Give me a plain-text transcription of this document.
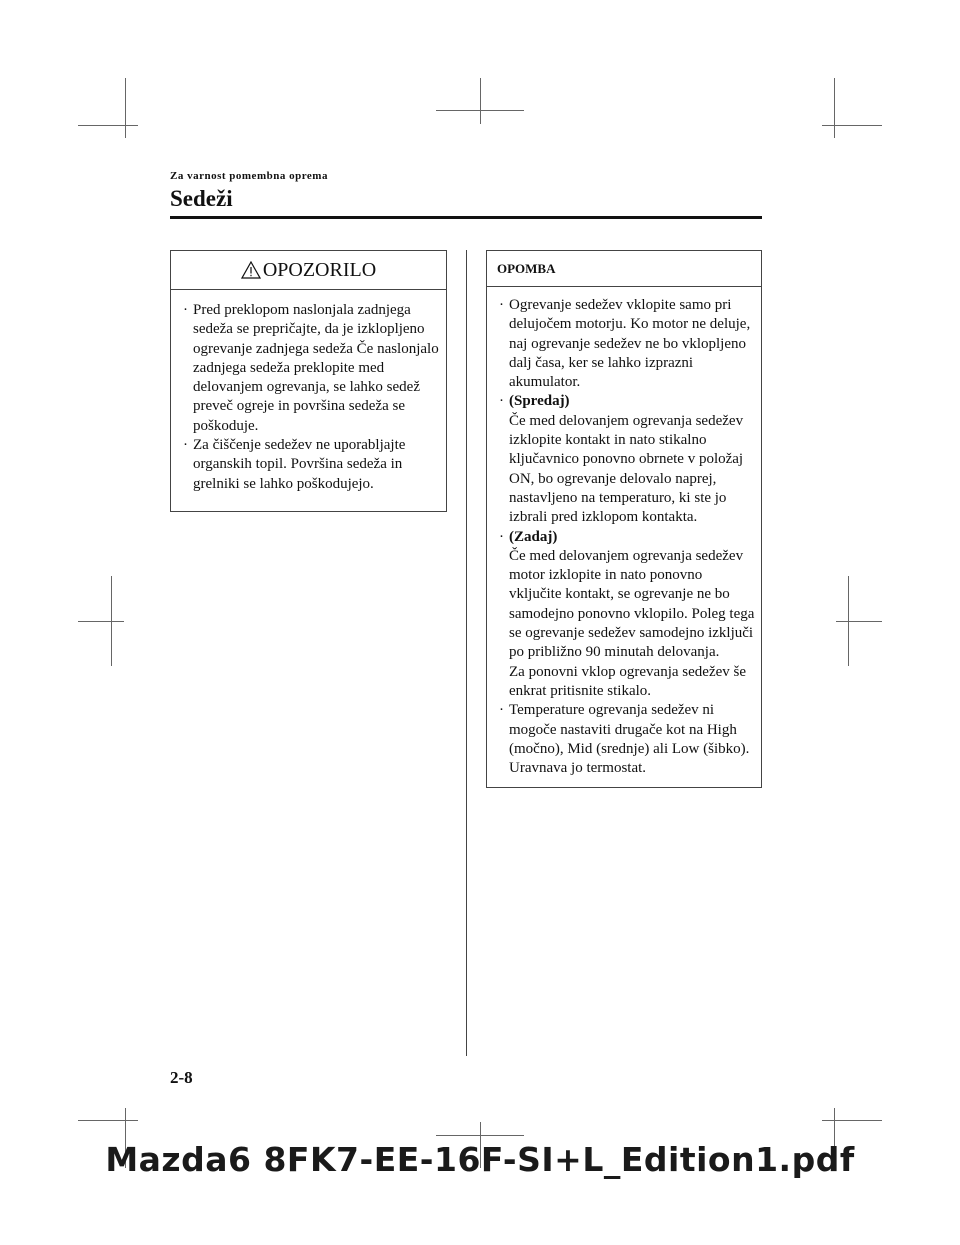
Za varnost pomembna oprema
Sedeži
OPOZORILO
· Pred preklopom naslonjala zadnjega sedeža se prepričajte, da je izklopljeno ogrevanje zadnjega sedeža Če naslonjalo zadnjega sedeža preklopite med delovanjem ogrevanja, se lahko sedež preveč ogreje in površina sedeža se poškoduje.
· Za čiščenje sedežev ne uporabljajte organskih topil. Površina sedeža in grelniki se lahko poškodujejo.
OPOMBA
· Ogrevanje sedežev vklopite samo pri delujočem motorju. Ko motor ne deluje, naj ogrevanje sedežev ne bo vklopljeno dalj časa, ker se lahko izprazni akumulator.
· (Spredaj)
Če med delovanjem ogrevanja sedežev izklopite kontakt in nato stikalno ključavnico ponovno obrnete v položaj ON, bo ogrevanje delovalo naprej, nastavljeno na temperaturo, ki ste jo izbrali pred izklopom kontakta.
· (Zadaj)
Če med delovanjem ogrevanja sedežev motor izklopite in nato ponovno vključite kontakt, se ogrevanje ne bo samodejno ponovno vklopilo. Poleg tega se ogrevanje sedežev samodejno izključi po približno 90 minutah delovanja.
Za ponovni vklop ogrevanja sedežev še enkrat pritisnite stikalo.
· Temperature ogrevanja sedežev ni mogoče nastaviti drugače kot na High (močno), Mid (srednje) ali Low (šibko). Uravnava jo termostat.
2-8
Mazda6 8FK7-EE-16F-SI+L_Edition1.pdf
